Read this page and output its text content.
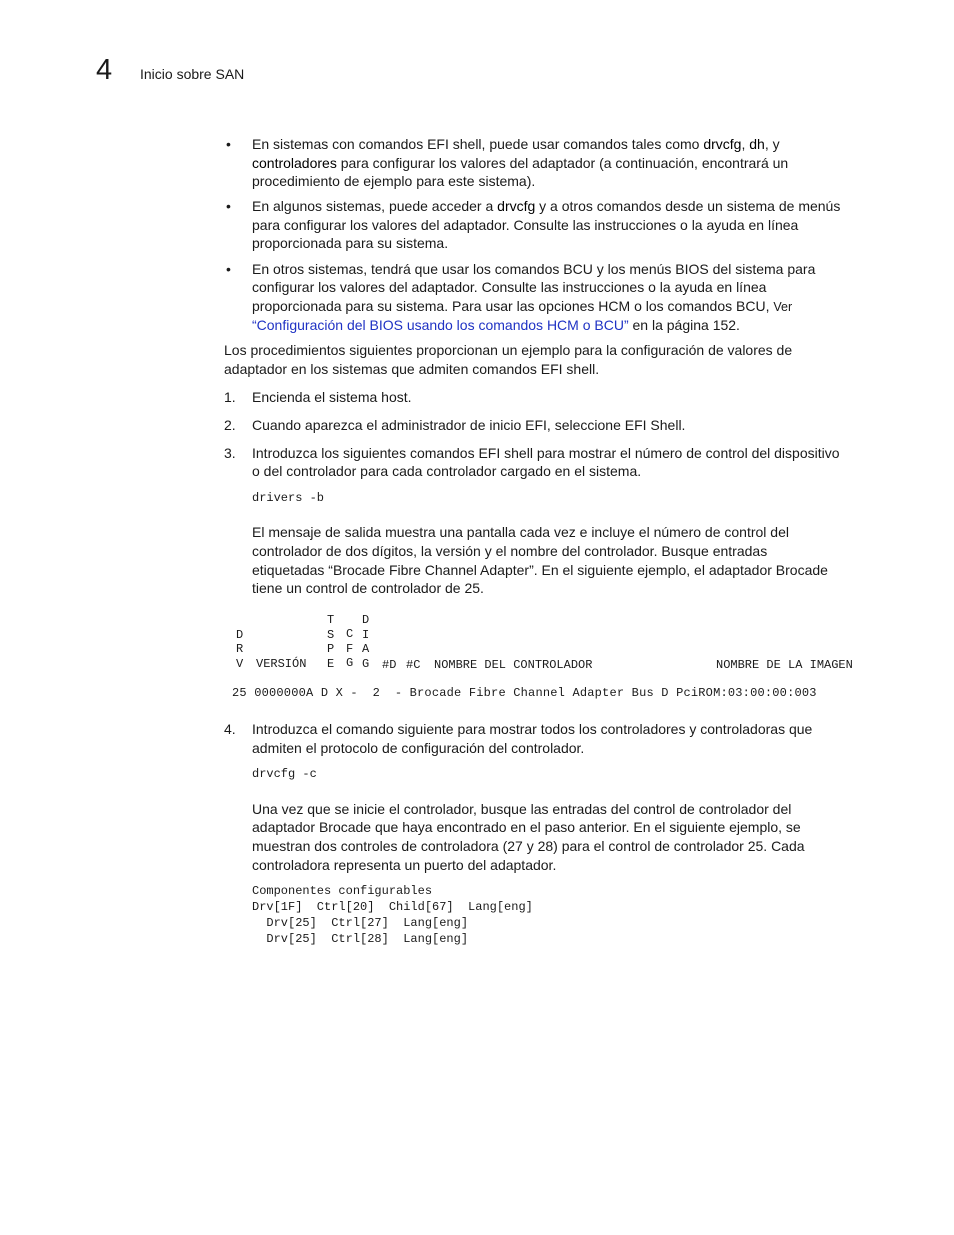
4 Inicio sobre SAN
• En sistemas con comandos EFI shell, puede usar comandos tales como drvcfg, dh, y
controladores para configurar los valores del adaptador (a continuación, encontrará un
procedimiento de ejemplo para este sistema).
• En algunos sistemas, puede acceder a drvcfg y a otros comandos desde un sistema de menús
para configurar los valores del adaptador. Consulte las instrucciones o la ayuda en línea
proporcionada para su sistema.
• En otros sistemas, tendrá que usar los comandos BCU y los menús BIOS del sistema para
configurar los valores del adaptador. Consulte las instrucciones o la ayuda en línea
proporcionada para su sistema. Para usar las opciones HCM o los comandos BCU, Ver
“Configuración del BIOS usando los comandos HCM o BCU” en la página 152.
Los procedimientos siguientes proporcionan un ejemplo para la configuración de valores de
adaptador en los sistemas que admiten comandos EFI shell.
1. Encienda el sistema host.
2. Cuando aparezca el administrador de inicio EFI, seleccione EFI Shell.
3. Introduzca los siguientes comandos EFI shell para mostrar el número de control del dispositivo
o del controlador para cada controlador cargado en el sistema.
drivers -b
El mensaje de salida muestra una pantalla cada vez e incluye el número de control del
controlador de dos dígitos, la versión y el nombre del controlador. Busque entradas
etiquetadas “Brocade Fibre Channel Adapter”. En el siguiente ejemplo, el adaptador Brocade
tiene un control de controlador de 25.
D
R
V
T
S
P
E
C
F
G
D
I
A
G
VERSIÓN	#D #C NOMBRE DEL CONTROLADOR	NOMBRE DE LA IMAGEN
25 0000000A D X -  2  - Brocade Fibre Channel Adapter Bus D PciROM:03:00:00:003
4. Introduzca el comando siguiente para mostrar todos los controladores y controladoras que
admiten el protocolo de configuración del controlador.
drvcfg -c
Una vez que se inicie el controlador, busque las entradas del control de controlador del
adaptador Brocade que haya encontrado en el paso anterior. En el siguiente ejemplo, se
muestran dos controles de controladora (27 y 28) para el control de controlador 25. Cada
controladora representa un puerto del adaptador.
Componentes configurables
Drv[1F]  Ctrl[20]  Child[67]  Lang[eng]
Drv[25]  Ctrl[27]  Lang[eng]
Drv[25]  Ctrl[28]  Lang[eng]
